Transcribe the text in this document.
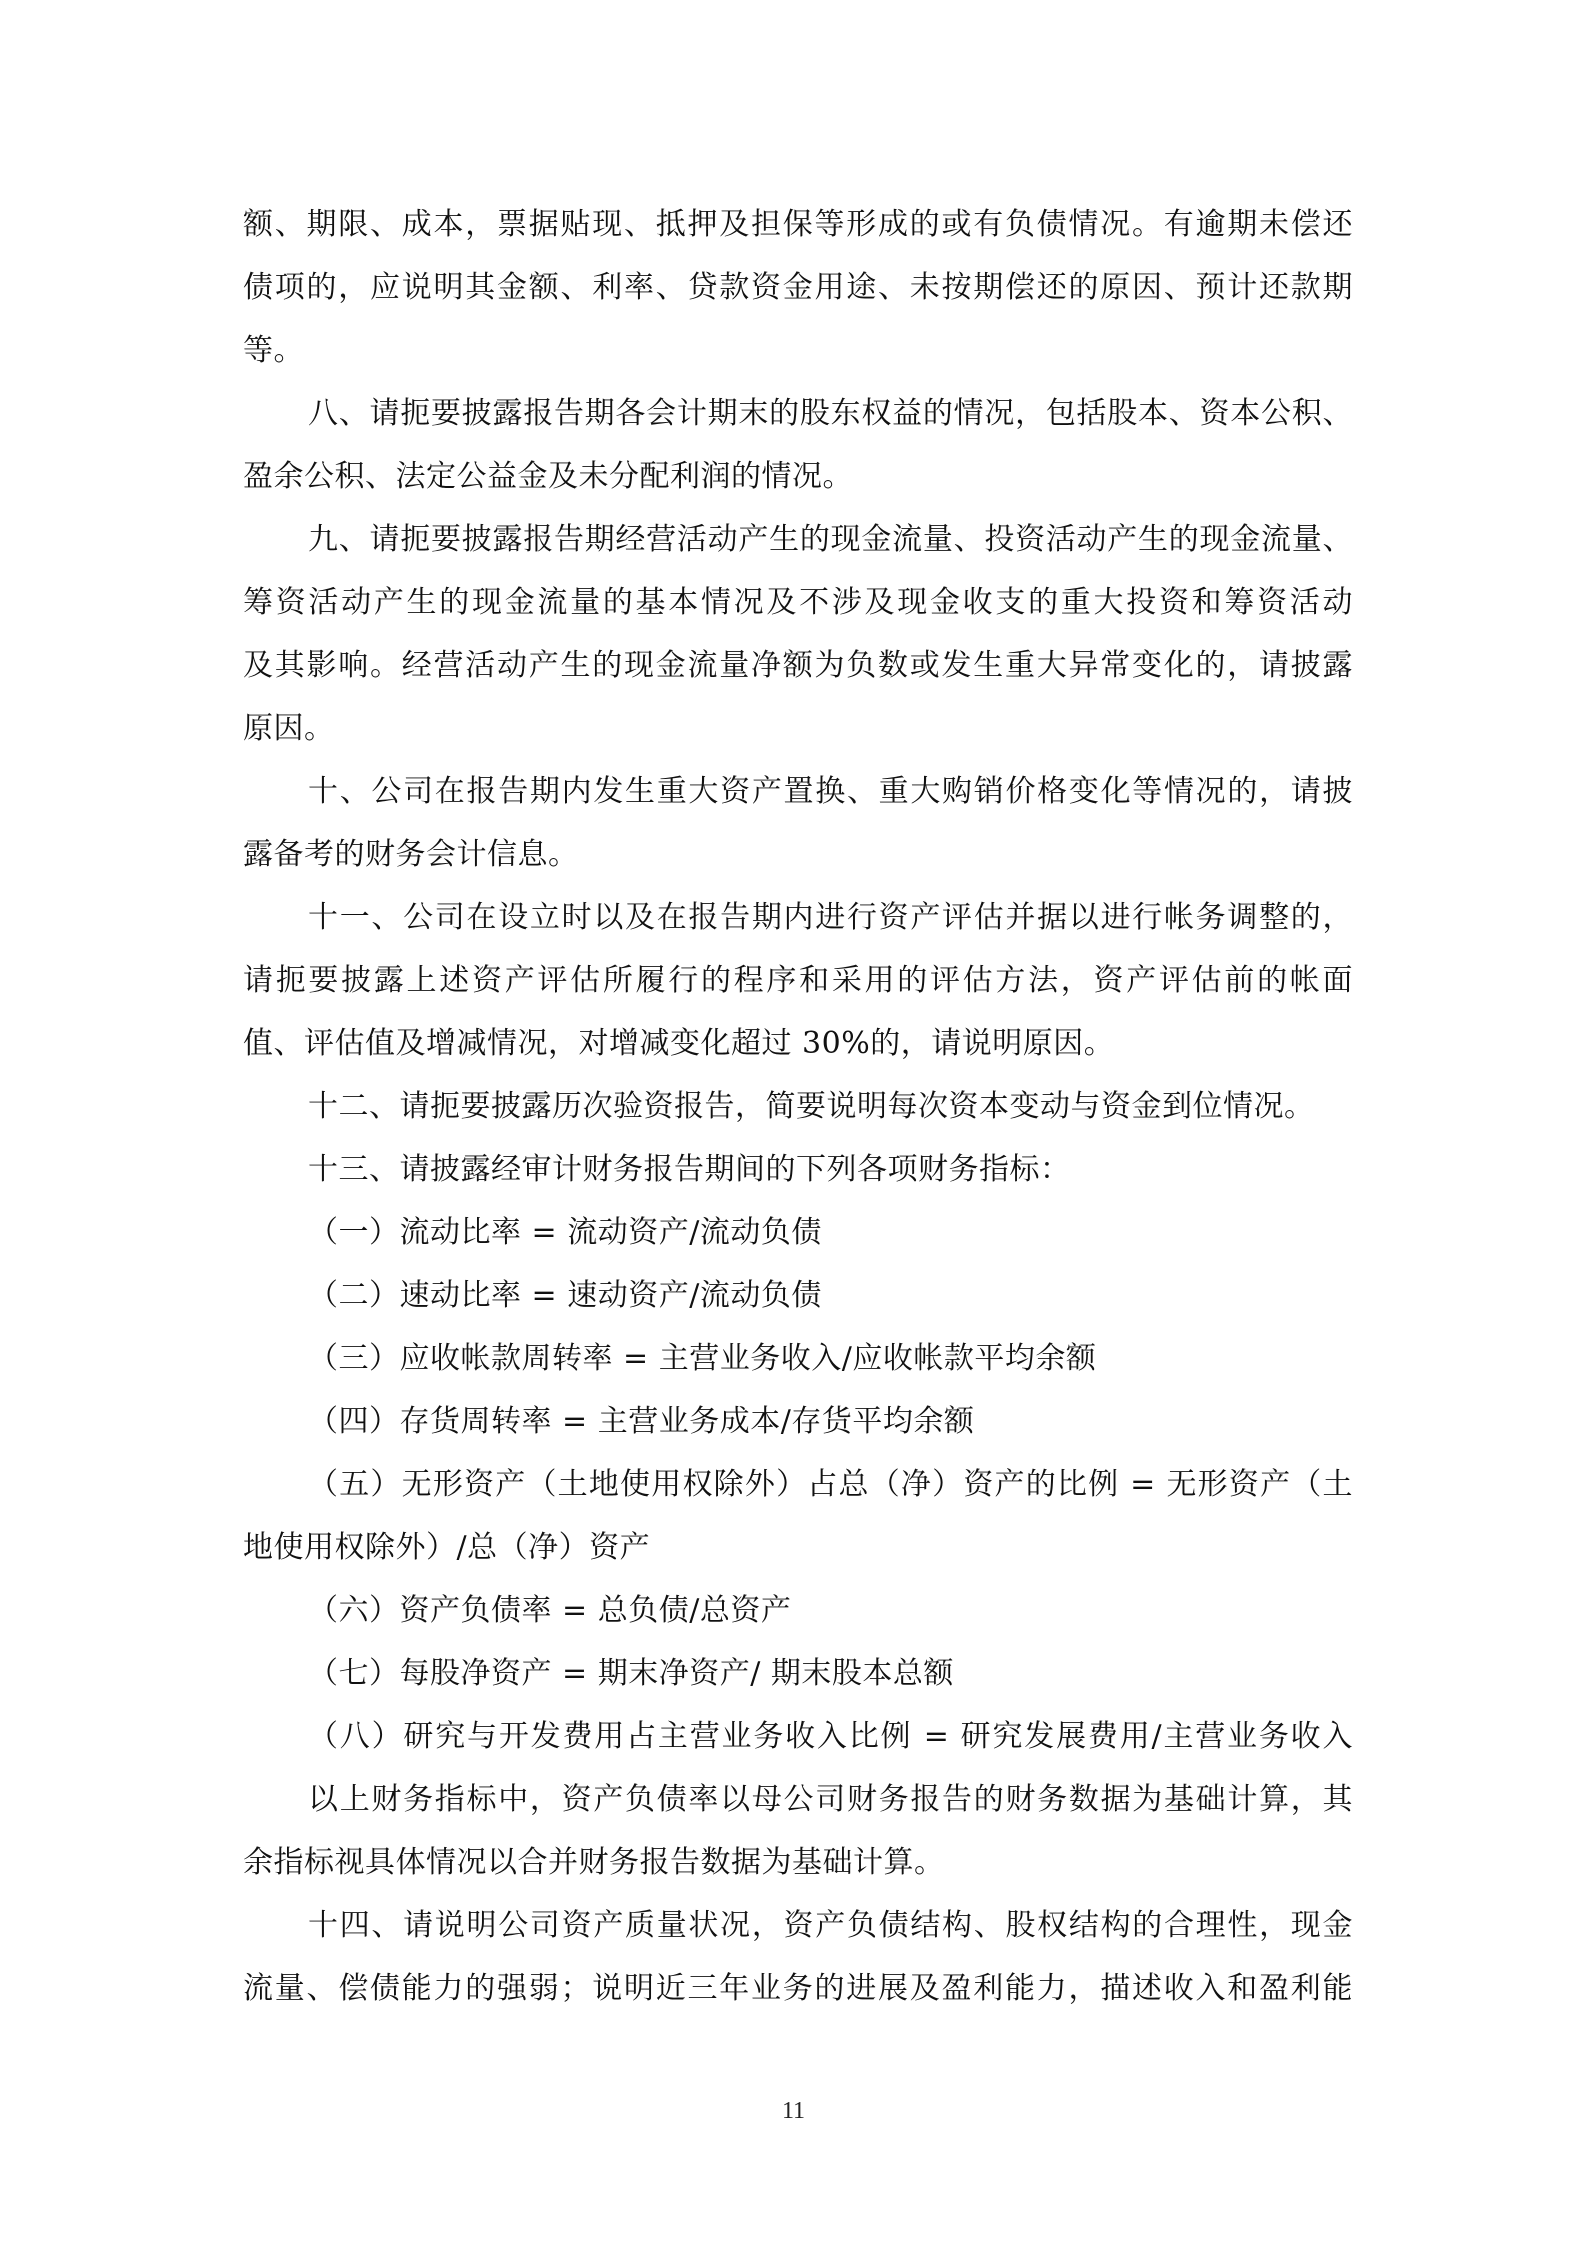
额、期限、成本，票据贴现、抵押及担保等形成的或有负债情况。有逾期未偿还
债项的，应说明其金额、利率、贷款资金用途、未按期偿还的原因、预计还款期
等。
八、请扼要披露报告期各会计期末的股东权益的情况，包括股本、资本公积、
盈余公积、法定公益金及未分配利润的情况。
九、请扼要披露报告期经营活动产生的现金流量、投资活动产生的现金流量、
筹资活动产生的现金流量的基本情况及不涉及现金收支的重大投资和筹资活动
及其影响。经营活动产生的现金流量净额为负数或发生重大异常变化的，请披露
原因。
十、公司在报告期内发生重大资产置换、重大购销价格变化等情况的，请披
露备考的财务会计信息。
十一、公司在设立时以及在报告期内进行资产评估并据以进行帐务调整的，
请扼要披露上述资产评估所履行的程序和采用的评估方法，资产评估前的帐面
值、评估值及增减情况，对增减变化超过 30%的，请说明原因。
十二、请扼要披露历次验资报告，简要说明每次资本变动与资金到位情况。
十三、请披露经审计财务报告期间的下列各项财务指标：
（一）流动比率 = 流动资产/流动负债
（二）速动比率 = 速动资产/流动负债
（三）应收帐款周转率 = 主营业务收入/应收帐款平均余额
（四）存货周转率 = 主营业务成本/存货平均余额
（五）无形资产（土地使用权除外）占总（净）资产的比例 = 无形资产（土
地使用权除外）/总（净）资产
（六）资产负债率 = 总负债/总资产
（七）每股净资产 = 期末净资产/ 期末股本总额
（八）研究与开发费用占主营业务收入比例 = 研究发展费用/主营业务收入
以上财务指标中，资产负债率以母公司财务报告的财务数据为基础计算，其
余指标视具体情况以合并财务报告数据为基础计算。
十四、请说明公司资产质量状况，资产负债结构、股权结构的合理性，现金
流量、偿债能力的强弱；说明近三年业务的进展及盈利能力，描述收入和盈利能
11
